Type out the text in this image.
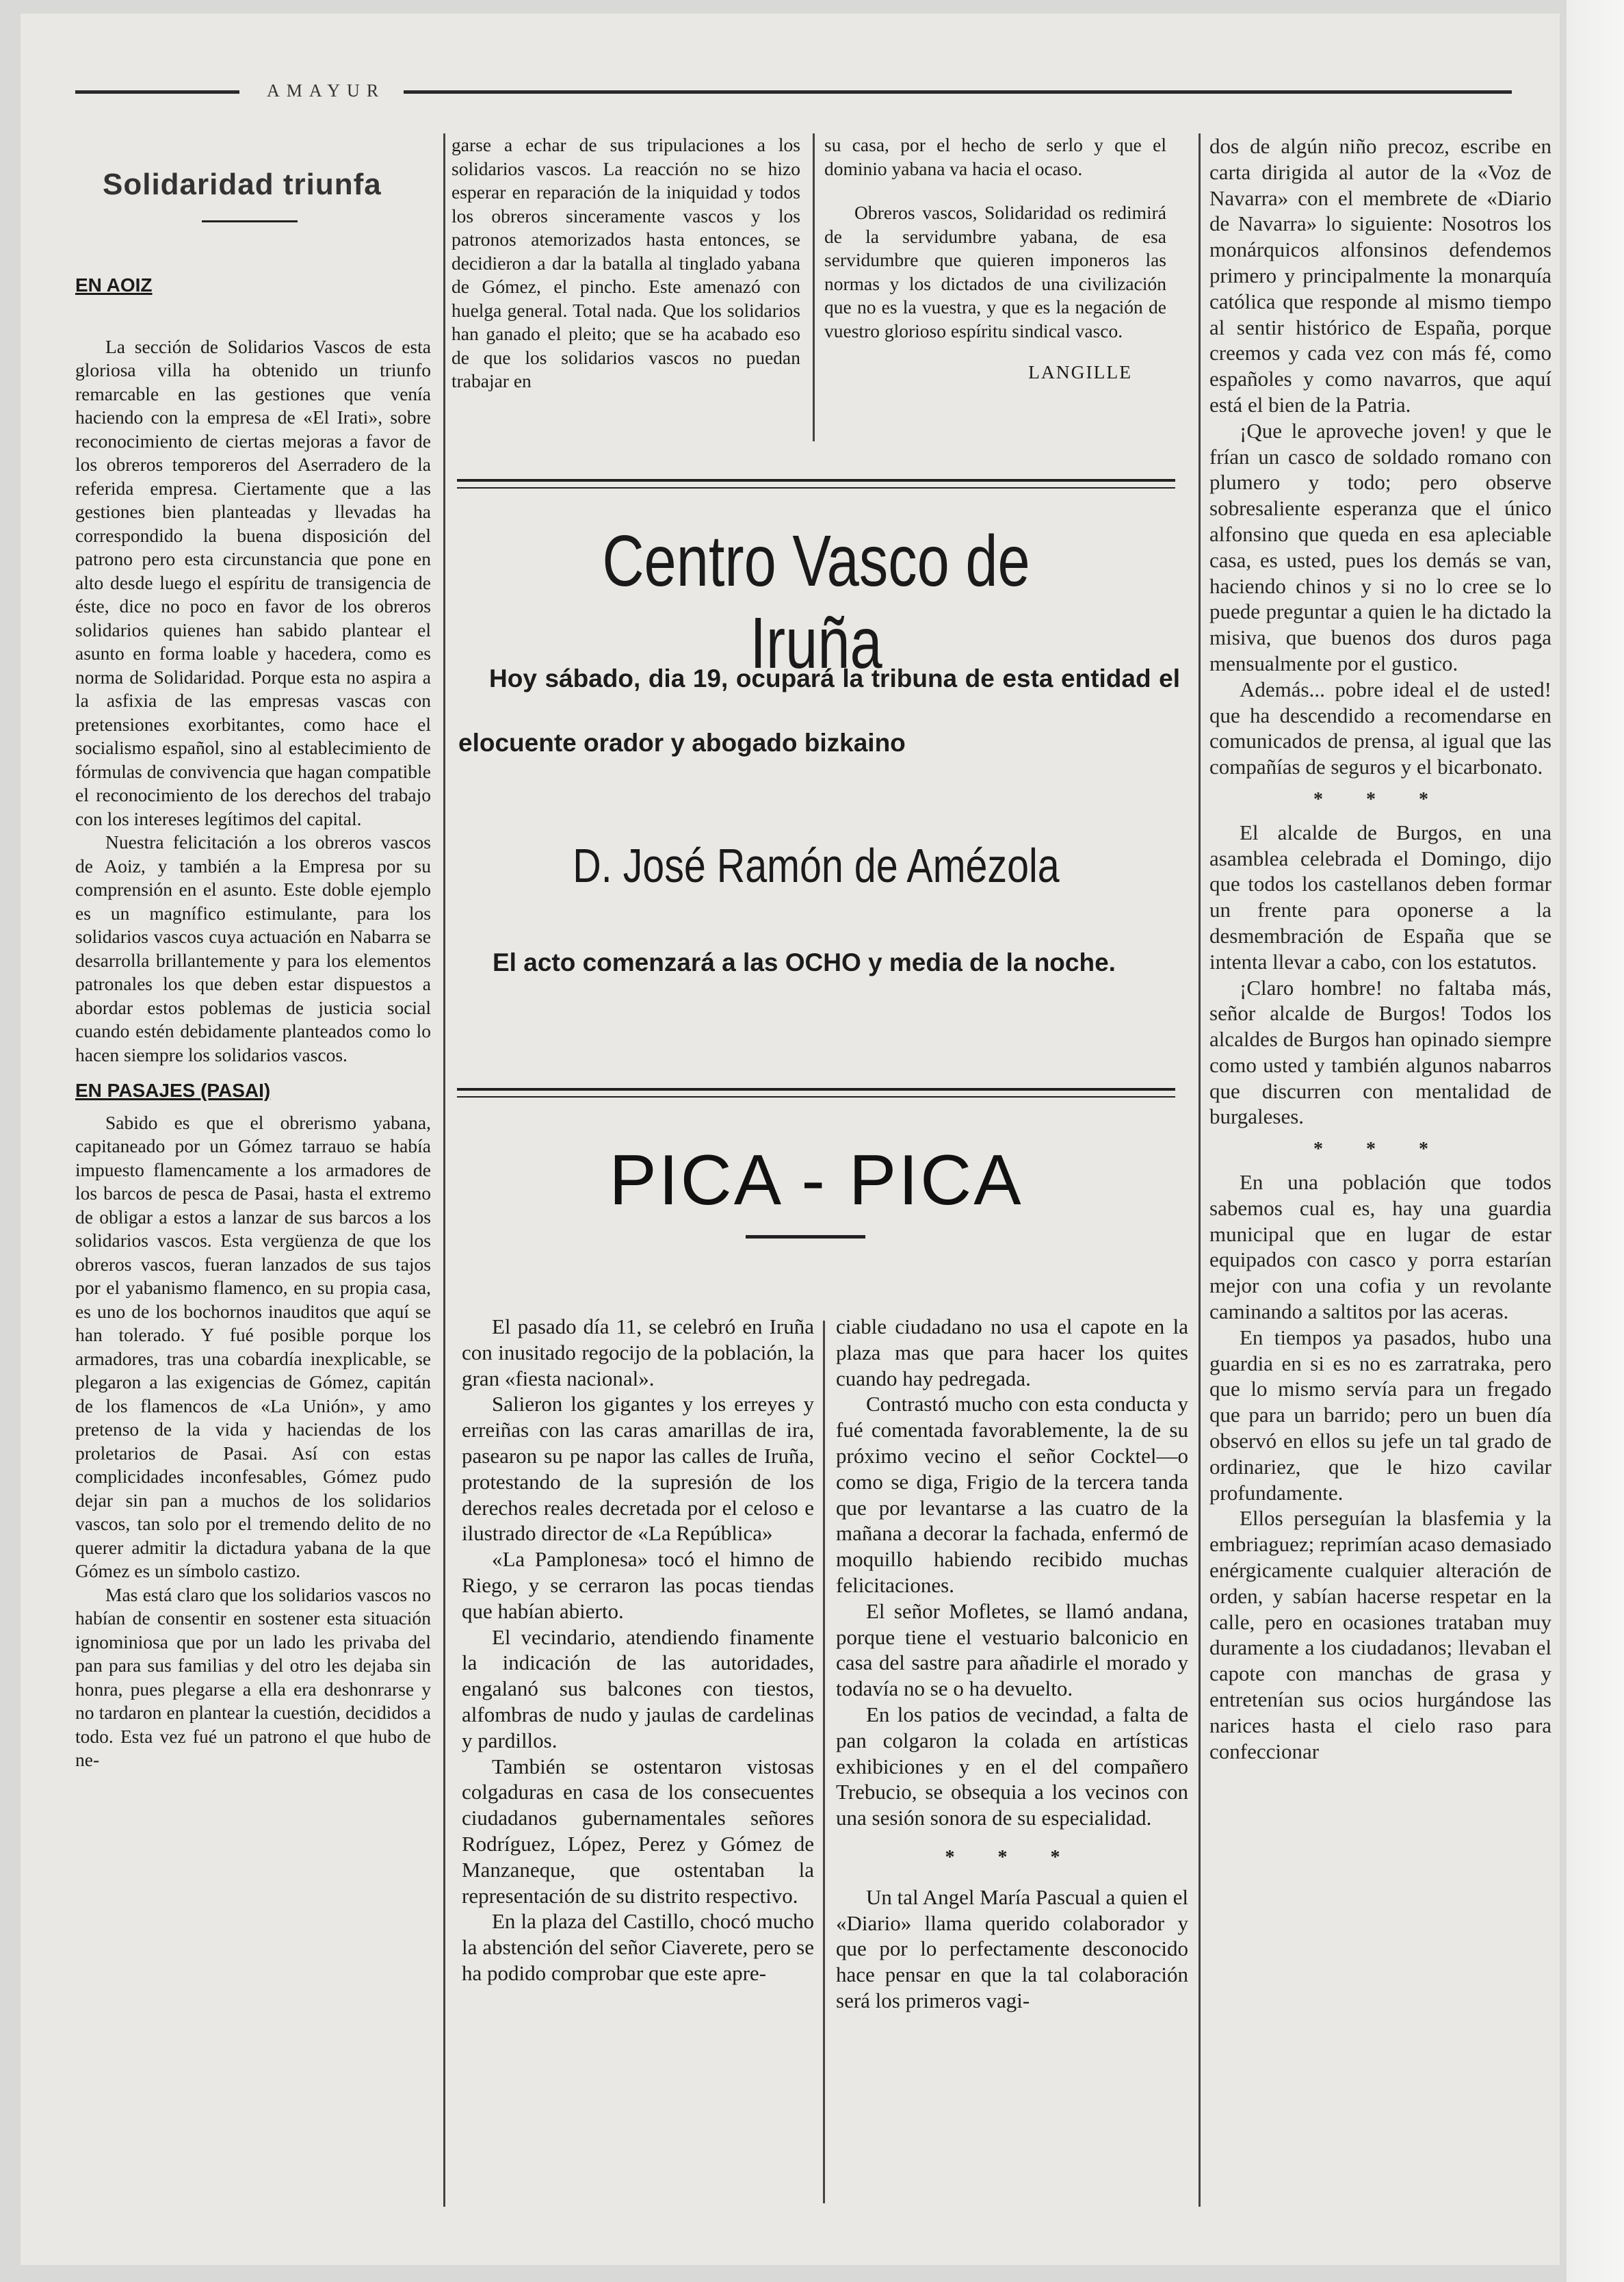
AMAYUR
Solidaridad triunfa
EN AOIZ

La sección de Solidarios Vascos de esta gloriosa villa ha obtenido un triunfo remarcable en las gestiones que venía haciendo con la empresa de «El Irati», sobre reconocimiento de ciertas mejoras a favor de los obreros temporeros del Aserradero de la referida empresa. Ciertamente que a las gestiones bien planteadas y llevadas ha correspondido la buena disposición del patrono pero esta circunstancia que pone en alto desde luego el espíritu de transigencia de éste, dice no poco en favor de los obreros solidarios quienes han sabido plantear el asunto en forma loable y hacedera, como es norma de Solidaridad. Porque esta no aspira a la asfixia de las empresas vascas con pretensiones exorbitantes, como hace el socialismo español, sino al establecimiento de fórmulas de convivencia que hagan compatible el reconocimiento de los derechos del trabajo con los intereses legítimos del capital.

Nuestra felicitación a los obreros vascos de Aoiz, y también a la Empresa por su comprensión en el asunto. Este doble ejemplo es un magnífico estimulante, para los solidarios vascos cuya actuación en Nabarra se desarrolla brillantemente y para los elementos patronales los que deben estar dispuestos a abordar estos poblemas de justicia social cuando estén debidamente planteados como lo hacen siempre los solidarios vascos.

EN PASAJES (PASAI)

Sabido es que el obrerismo yabana, capitaneado por un Gómez tarrauo se había impuesto flamencamente a los armadores de los barcos de pesca de Pasai, hasta el extremo de obligar a estos a lanzar de sus barcos a los solidarios vascos. Esta vergüenza de que los obreros vascos, fueran lanzados de sus tajos por el yabanismo flamenco, en su propia casa, es uno de los bochornos inauditos que aquí se han tolerado. Y fué posible porque los armadores, tras una cobardía inexplicable, se plegaron a las exigencias de Gómez, capitán de los flamencos de «La Unión», y amo pretenso de la vida y haciendas de los proletarios de Pasai. Así con estas complicidades inconfesables, Gómez pudo dejar sin pan a muchos de los solidarios vascos, tan solo por el tremendo delito de no querer admitir la dictadura yabana de la que Gómez es un símbolo castizo.

Mas está claro que los solidarios vascos no habían de consentir en sostener esta situación ignominiosa que por un lado les privaba del pan para sus familias y del otro les dejaba sin honra, pues plegarse a ella era deshonrarse y no tardaron en plantear la cuestión, decididos a todo. Esta vez fué un patrono el que hubo de ne-

garse a echar de sus tripulaciones a los solidarios vascos. La reacción no se hizo esperar en reparación de la iniquidad y todos los obreros sinceramente vascos y los patronos atemorizados hasta entonces, se decidieron a dar la batalla al tinglado yabana de Gómez, el pincho. Este amenazó con huelga general. Total nada. Que los solidarios han ganado el pleito; que se ha acabado eso de que los solidarios vascos no puedan trabajar en

su casa, por el hecho de serlo y que el dominio yabana va hacia el ocaso.

Obreros vascos, Solidaridad os redimirá de la servidumbre yabana, de esa servidumbre que quieren imponeros las normas y los dictados de una civilización que no es la vuestra, y que es la negación de vuestro glorioso espíritu sindical vasco.

LANGILLE
Centro Vasco de Iruña
Hoy sábado, dia 19, ocupará la tribuna de esta entidad el elocuente orador y abogado bizkaino
D. José Ramón de Amézola
El acto comenzará a las OCHO y media de la noche.
PICA - PICA

El pasado día 11, se celebró en Iruña con inusitado regocijo de la población, la gran «fiesta nacional».

Salieron los gigantes y los erreyes y erreiñas con las caras amarillas de ira, pasearon su pe napor las calles de Iruña, protestando de la supresión de los derechos reales decretada por el celoso e ilustrado director de «La República»

«La Pamplonesa» tocó el himno de Riego, y se cerraron las pocas tiendas que habían abierto.

El vecindario, atendiendo finamente la indicación de las autoridades, engalanó sus balcones con tiestos, alfombras de nudo y jaulas de cardelinas y pardillos.

También se ostentaron vistosas colgaduras en casa de los consecuentes ciudadanos gubernamentales señores Rodríguez, López, Perez y Gómez de Manzaneque, que ostentaban la representación de su distrito respectivo.

En la plaza del Castillo, chocó mucho la abstención del señor Ciaverete, pero se ha podido comprobar que este apre-

ciable ciudadano no usa el capote en la plaza mas que para hacer los quites cuando hay pedregada.

Contrastó mucho con esta conducta y fué comentada favorablemente, la de su próximo vecino el señor Cocktel—o como se diga, Frigio de la tercera tanda que por levantarse a las cuatro de la mañana a decorar la fachada, enfermó de moquillo habiendo recibido muchas felicitaciones.

El señor Mofletes, se llamó andana, porque tiene el vestuario balconicio en casa del sastre para añadirle el morado y todavía no se o ha devuelto.

En los patios de vecindad, a falta de pan colgaron la colada en artísticas exhibiciones y en el del compañero Trebucio, se obsequia a los vecinos con una sesión sonora de su especialidad.

* * *

Un tal Angel María Pascual a quien el «Diario» llama querido colaborador y que por lo perfectamente desconocido hace pensar en que la tal colaboración será los primeros vagi-

dos de algún niño precoz, escribe en carta dirigida al autor de la «Voz de Navarra» con el membrete de «Diario de Navarra» lo siguiente: Nosotros los monárquicos alfonsinos defendemos primero y principalmente la monarquía católica que responde al mismo tiempo al sentir histórico de España, porque creemos y cada vez con más fé, como españoles y como navarros, que aquí está el bien de la Patria.

¡Que le aproveche joven! y que le frían un casco de soldado romano con plumero y todo; pero observe sobresaliente esperanza que el único alfonsino que queda en esa apleciable casa, es usted, pues los demás se van, haciendo chinos y si no lo cree se lo puede preguntar a quien le ha dictado la misiva, que buenos dos duros paga mensualmente por el gustico.

Además... pobre ideal el de usted! que ha descendido a recomendarse en comunicados de prensa, al igual que las compañías de seguros y el bicarbonato.

* * *

El alcalde de Burgos, en una asamblea celebrada el Domingo, dijo que todos los castellanos deben formar un frente para oponerse a la desmembración de España que se intenta llevar a cabo, con los estatutos.

¡Claro hombre! no faltaba más, señor alcalde de Burgos! Todos los alcaldes de Burgos han opinado siempre como usted y también algunos nabarros que discurren con mentalidad de burgaleses.

* * *

En una población que todos sabemos cual es, hay una guardia municipal que en lugar de estar equipados con casco y porra estarían mejor con una cofia y un revolante caminando a saltitos por las aceras.

En tiempos ya pasados, hubo una guardia en si es no es zarratraka, pero que lo mismo servía para un fregado que para un barrido; pero un buen día observó en ellos su jefe un tal grado de ordinariez, que le hizo cavilar profundamente.

Ellos perseguían la blasfemia y la embriaguez; reprimían acaso demasiado enérgicamente cualquier alteración de orden, y sabían hacerse respetar en la calle, pero en ocasiones trataban muy duramente a los ciudadanos; llevaban el capote con manchas de grasa y entretenían sus ocios hurgándose las narices hasta el cielo raso para confeccionar
